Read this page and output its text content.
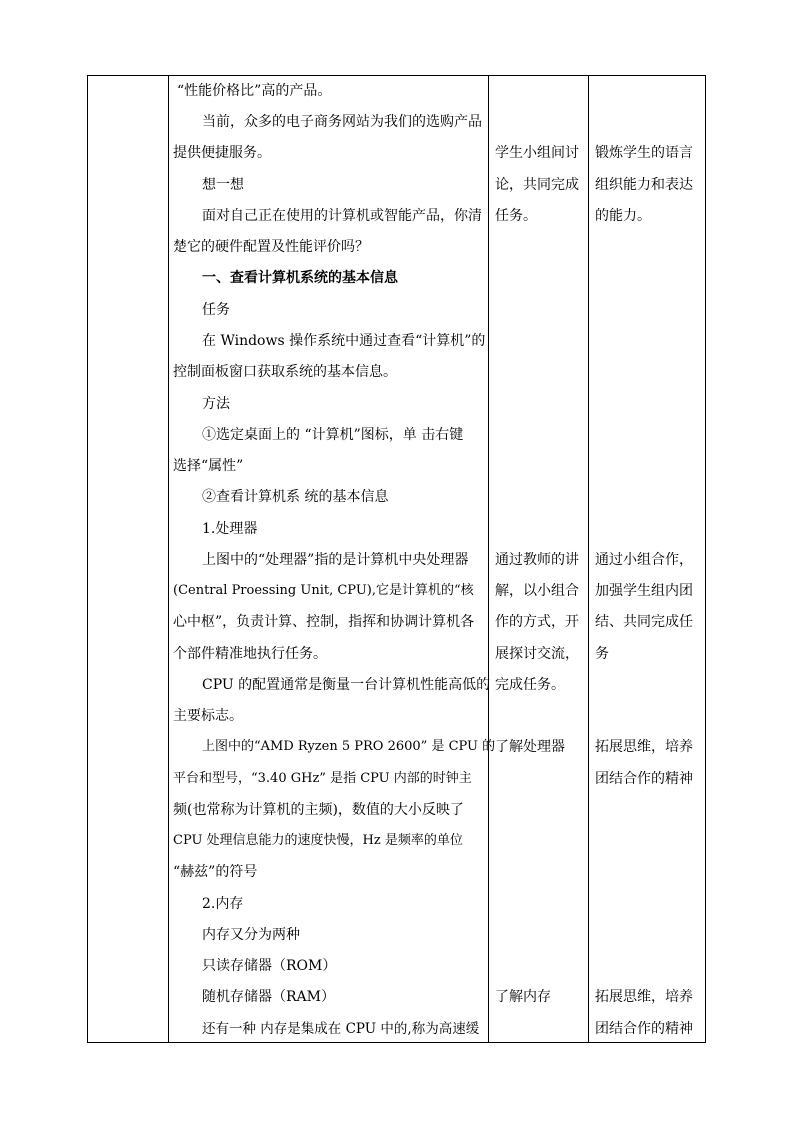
“性能价格比”高的产品。
当前，众多的电子商务网站为我们的选购产品
提供便捷服务。
想一想
面对自己正在使用的计算机或智能产品，你清
楚它的硬件配置及性能评价吗？
一、查看计算机系统的基本信息
任务
在 Windows 操作系统中通过查看“计算机”的
控制面板窗口获取系统的基本信息。
方法
①选定桌面上的 “计算机”图标，单 击右键
选择“属性”
②查看计算机系 统的基本信息
1.处理器
上图中的“处理器”指的是计算机中央处理器
(Central Proessing Unit, CPU),它是计算机的“核
心中枢”，负责计算、控制，指挥和协调计算机各
个部件精准地执行任务。
CPU 的配置通常是衡量一台计算机性能高低的
主要标志。
上图中的“AMD Ryzen 5 PRO 2600” 是 CPU 的
平台和型号，“3.40 GHz” 是指 CPU 内部的时钟主
频(也常称为计算机的主频)，数值的大小反映了
CPU 处理信息能力的速度快慢，Hz 是频率的单位
“赫兹”的符号
2.内存
内存又分为两种
只读存储器（ROM）
随机存储器（RAM）
还有一种 内存是集成在 CPU 中的,称为高速缓
学生小组间讨
论，共同完成
任务。
通过教师的讲
解，以小组合
作的方式，开
展探讨交流，
完成任务。
了解处理器
了解内存
锻炼学生的语言
组织能力和表达
的能力。
通过小组合作，
加强学生组内团
结、共同完成任
务
拓展思维，培养
团结合作的精神
拓展思维，培养
团结合作的精神
